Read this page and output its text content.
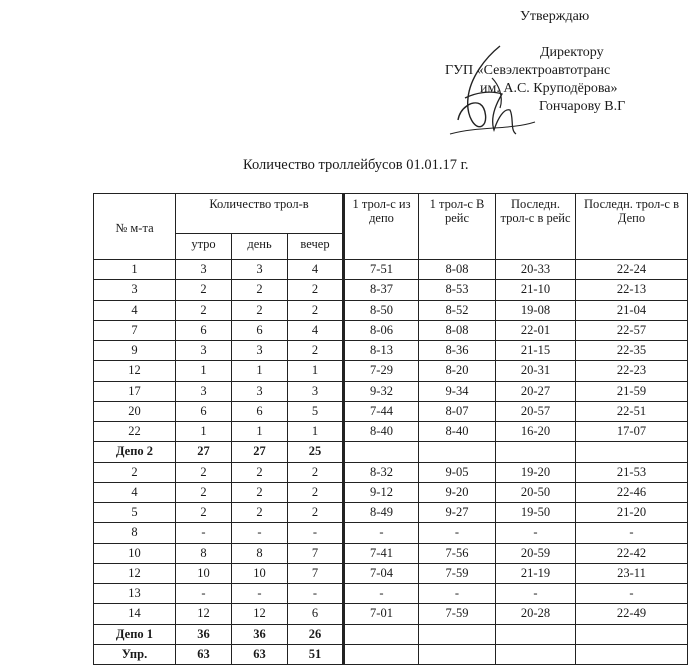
Утверждаю
Директору
ГУП «Севэлектроавтотранс
им. А.С. Круподёрова»
Гончарову В.Г
Количество троллейбусов 01.01.17 г.
№ м-та	Количество трол-в			1 трол-с из депо	1 трол-с В рейс	Последн. трол-с в рейс	Последн. трол-с в Депо
	утро	день	вечер				
1	3	3	4	7-51	8-08	20-33	22-24
3	2	2	2	8-37	8-53	21-10	22-13
4	2	2	2	8-50	8-52	19-08	21-04
7	6	6	4	8-06	8-08	22-01	22-57
9	3	3	2	8-13	8-36	21-15	22-35
12	1	1	1	7-29	8-20	20-31	22-23
17	3	3	3	9-32	9-34	20-27	21-59
20	6	6	5	7-44	8-07	20-57	22-51
22	1	1	1	8-40	8-40	16-20	17-07
Депо 2	27	27	25				
2	2	2	2	8-32	9-05	19-20	21-53
4	2	2	2	9-12	9-20	20-50	22-46
5	2	2	2	8-49	9-27	19-50	21-20
8	-	-	-	-	-	-	-
10	8	8	7	7-41	7-56	20-59	22-42
12	10	10	7	7-04	7-59	21-19	23-11
13	-	-	-	-	-	-	-
14	12	12	6	7-01	7-59	20-28	22-49
Депо 1	36	36	26				
Упр.	63	63	51				
